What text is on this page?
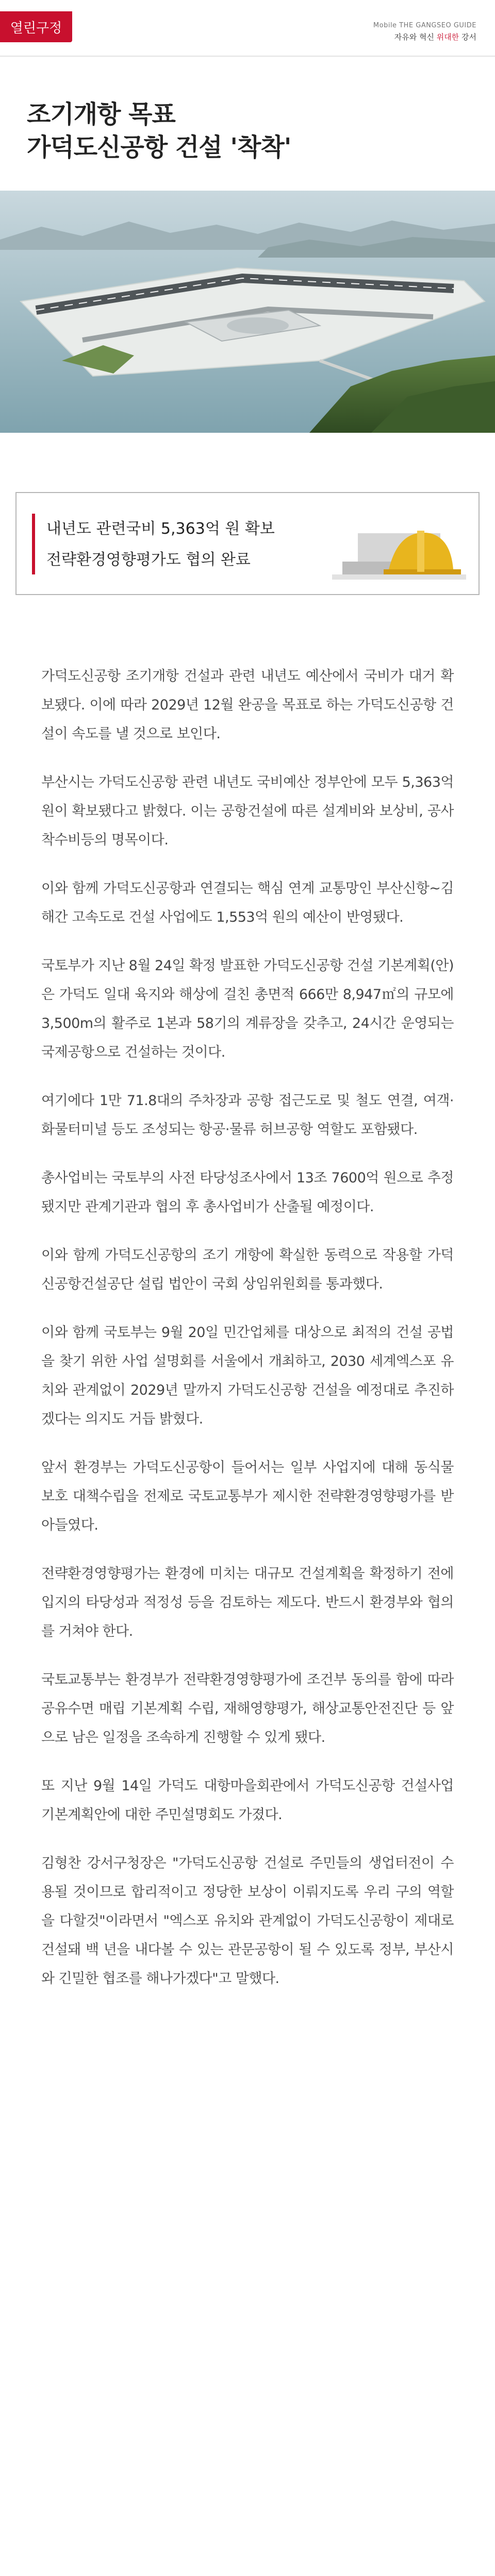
열린구정	Mobile THE GANGSEO GUIDE
자유와 혁신 위대한 강서
조기개항 목표
가덕도신공항 건설 '착착'
내년도 관련국비 5,363억 원 확보
전략환경영향평가도 협의 완료

가덕도신공항 조기개항 건설과 관련 내년도 예산에서 국비가 대거 확보됐다. 이에 따라 2029년 12월 완공을 목표로 하는 가덕도신공항 건설이 속도를 낼 것으로 보인다.

부산시는 가덕도신공항 관련 내년도 국비예산 정부안에 모두 5,363억 원이 확보됐다고 밝혔다. 이는 공항건설에 따른 설계비와 보상비, 공사 착수비등의 명목이다.

이와 함께 가덕도신공항과 연결되는 핵심 연계 교통망인 부산신항~김해간 고속도로 건설 사업에도 1,553억 원의 예산이 반영됐다.

국토부가 지난 8월 24일 확정 발표한 가덕도신공항 건설 기본계획(안)은 가덕도 일대 육지와 해상에 걸친 총면적 666만 8,947㎡의 규모에 3,500m의 활주로 1본과 58기의 계류장을 갖추고, 24시간 운영되는 국제공항으로 건설하는 것이다.

여기에다 1만 71.8대의 주차장과 공항 접근도로 및 철도 연결, 여객·화물터미널 등도 조성되는 항공·물류 허브공항 역할도 포함됐다.

총사업비는 국토부의 사전 타당성조사에서 13조 7600억 원으로 추정됐지만 관계기관과 협의 후 총사업비가 산출될 예정이다.

이와 함께 가덕도신공항의 조기 개항에 확실한 동력으로 작용할 가덕신공항건설공단 설립 법안이 국회 상임위원회를 통과했다.

이와 함께 국토부는 9월 20일 민간업체를 대상으로 최적의 건설 공법을 찾기 위한 사업 설명회를 서울에서 개최하고, 2030 세계엑스포 유치와 관계없이 2029년 말까지 가덕도신공항 건설을 예정대로 추진하겠다는 의지도 거듭 밝혔다.

앞서 환경부는 가덕도신공항이 들어서는 일부 사업지에 대해 동식물 보호 대책수립을 전제로 국토교통부가 제시한 전략환경영향평가를 받아들였다.

전략환경영향평가는 환경에 미치는 대규모 건설계획을 확정하기 전에 입지의 타당성과 적정성 등을 검토하는 제도다. 반드시 환경부와 협의를 거쳐야 한다.

국토교통부는 환경부가 전략환경영향평가에 조건부 동의를 함에 따라 공유수면 매립 기본계획 수립, 재해영향평가, 해상교통안전진단 등 앞으로 남은 일정을 조속하게 진행할 수 있게 됐다.

또 지난 9월 14일 가덕도 대항마을회관에서 가덕도신공항 건설사업 기본계획안에 대한 주민설명회도 가졌다.

김형찬 강서구청장은 "가덕도신공항 건설로 주민들의 생업터전이 수용될 것이므로 합리적이고 정당한 보상이 이뤄지도록 우리 구의 역할을 다할것"이라면서 "엑스포 유치와 관계없이 가덕도신공항이 제대로 건설돼 백 년을 내다볼 수 있는 관문공항이 될 수 있도록 정부, 부산시와 긴밀한 협조를 해나가겠다"고 말했다.
